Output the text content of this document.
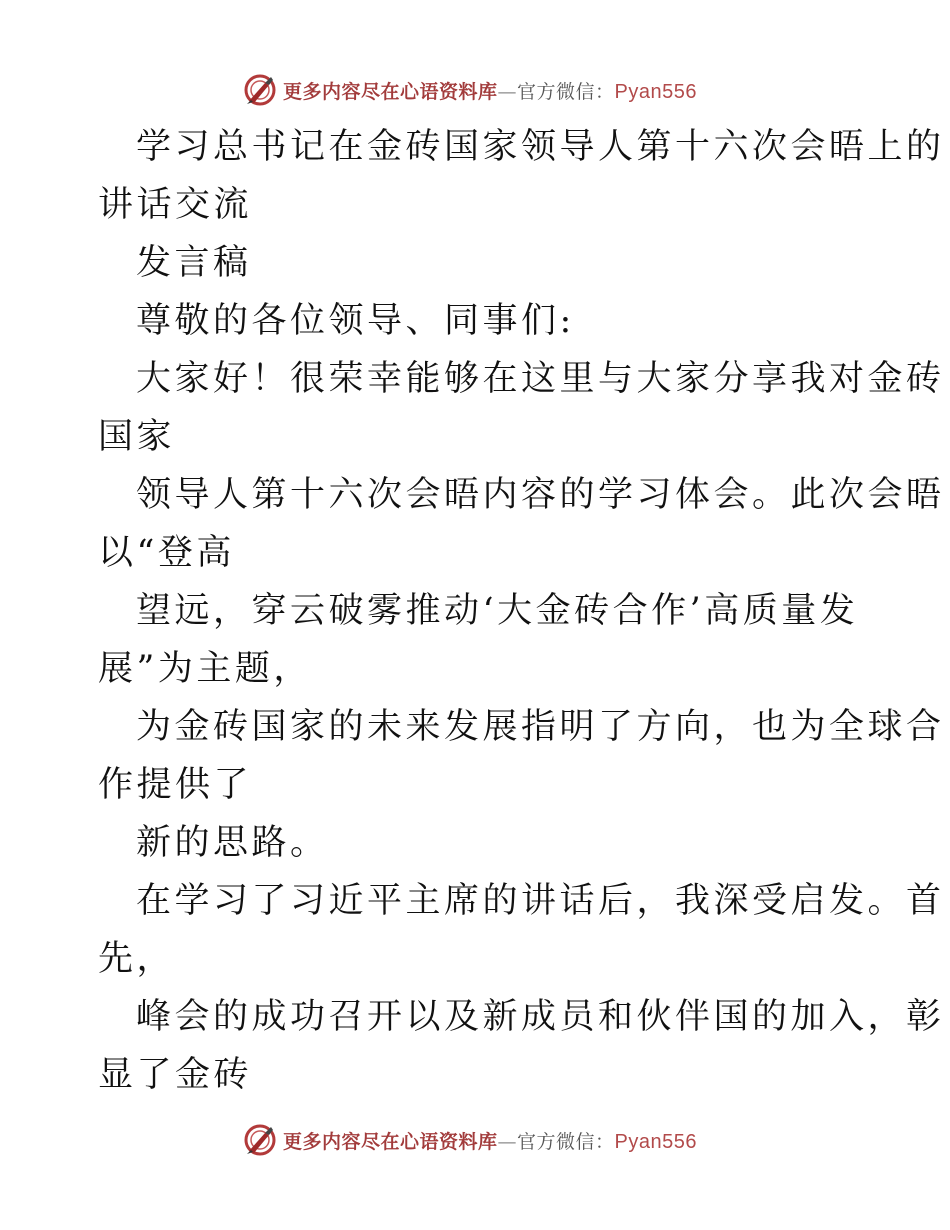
更多内容尽在心语资料库—官方微信：Pyan556
学习总书记在金砖国家领导人第十六次会晤上的
讲话交流
发言稿
尊敬的各位领导、同事们:
大家好！很荣幸能够在这里与大家分享我对金砖
国家
领导人第十六次会晤内容的学习体会。此次会晤
以“登高
望远，穿云破雾推动‘大金砖合作’高质量发
展”为主题，
为金砖国家的未来发展指明了方向，也为全球合
作提供了
新的思路。
在学习了习近平主席的讲话后，我深受启发。首
先，
峰会的成功召开以及新成员和伙伴国的加入，彰
显了金砖
更多内容尽在心语资料库—官方微信：Pyan556
